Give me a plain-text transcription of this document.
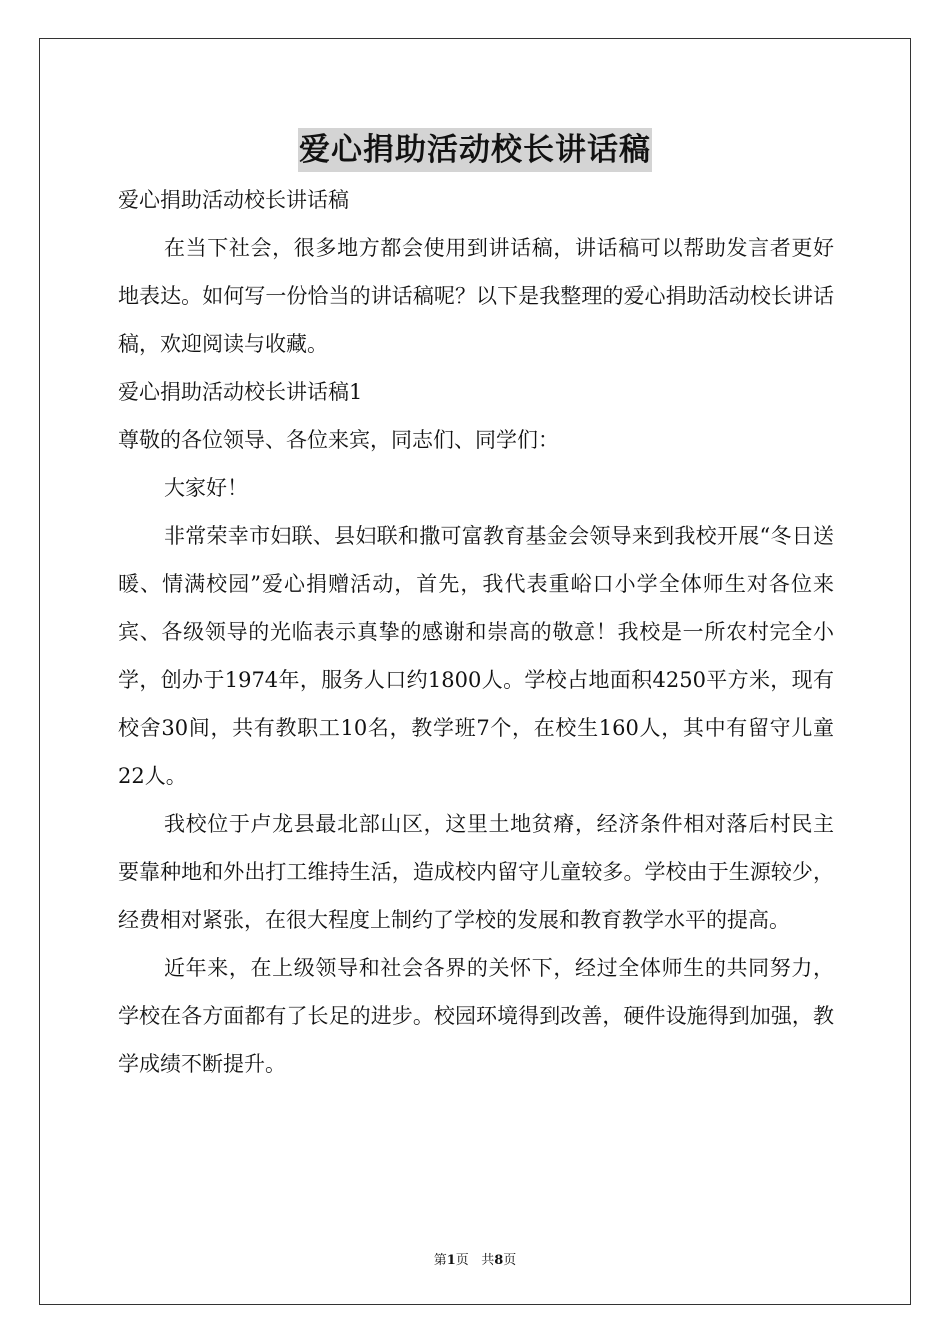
爱心捐助活动校长讲话稿

爱心捐助活动校长讲话稿

在当下社会，很多地方都会使用到讲话稿，讲话稿可以帮助发言者更好地表达。如何写一份恰当的讲话稿呢？以下是我整理的爱心捐助活动校长讲话稿，欢迎阅读与收藏。

爱心捐助活动校长讲话稿1

尊敬的各位领导、各位来宾，同志们、同学们：

大家好！

非常荣幸市妇联、县妇联和撒可富教育基金会领导来到我校开展“冬日送暖、情满校园”爱心捐赠活动，首先，我代表重峪口小学全体师生对各位来宾、各级领导的光临表示真挚的感谢和崇高的敬意！我校是一所农村完全小学，创办于1974年，服务人口约1800人。学校占地面积4250平方米，现有校舍30间，共有教职工10名，教学班7个，在校生160人，其中有留守儿童22人。

我校位于卢龙县最北部山区，这里土地贫瘠，经济条件相对落后村民主要靠种地和外出打工维持生活，造成校内留守儿童较多。学校由于生源较少，经费相对紧张，在很大程度上制约了学校的发展和教育教学水平的提高。

近年来，在上级领导和社会各界的关怀下，经过全体师生的共同努力，学校在各方面都有了长足的进步。校园环境得到改善，硬件设施得到加强，教学成绩不断提升。

第1页 共8页
